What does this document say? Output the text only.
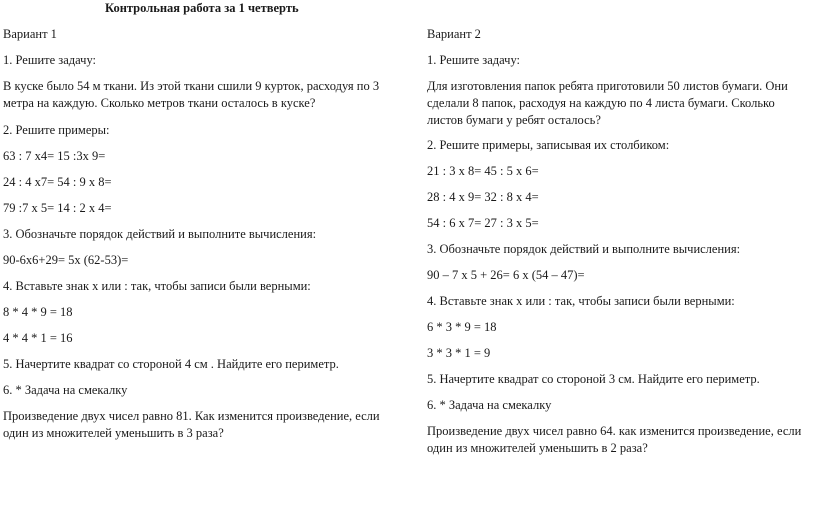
Контрольная работа за 1 четверть

Вариант 1

1. Решите задачу:

В куске было 54 м ткани. Из этой ткани сшили 9 курток, расходуя по 3 метра на каждую. Сколько метров ткани осталось в куске?

2. Решите примеры:

63 : 7 х4= 15 :3х 9=

24 : 4 х7= 54 : 9 х 8=

79 :7 х 5= 14 : 2 х 4=

3. Обозначьте порядок действий и выполните вычисления:

90-6х6+29= 5х (62-53)=

4. Вставьте знак х или : так, чтобы записи были верными:

8 * 4 * 9 = 18

4 * 4 * 1 = 16

5. Начертите квадрат со стороной 4 см . Найдите его периметр.

6. * Задача на смекалку

Произведение двух чисел равно 81. Как изменится произведение, если один из множителей уменьшить в 3 раза?

Вариант 2

1. Решите задачу:

Для изготовления папок ребята приготовили 50 листов бумаги. Они сделали 8 папок, расходуя на каждую по 4 листа бумаги. Сколько листов бумаги у ребят осталось?

2. Решите примеры, записывая их столбиком:

21 : 3 х 8= 45 : 5 х 6=

28 : 4 х 9= 32 : 8 х 4=

54 : 6 х 7= 27 : 3 х 5=

3. Обозначьте порядок действий и выполните вычисления:

90 – 7 х 5 + 26= 6 х (54 – 47)=

4. Вставьте знак х или : так, чтобы записи были верными:

6 * 3 * 9 = 18

3 * 3 * 1 = 9

5. Начертите квадрат со стороной 3 см. Найдите его периметр.

6. * Задача на смекалку

Произведение двух чисел равно 64. как изменится произведение, если один из множителей уменьшить в 2 раза?
